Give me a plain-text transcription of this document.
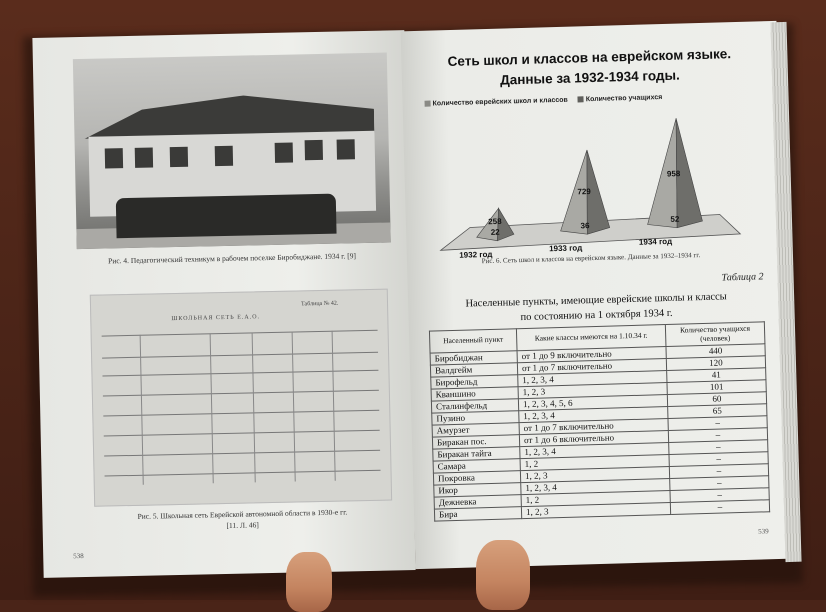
Рис. 4. Педагогический техникум в рабочем поселке Биробиджане. 1934 г. [9]
Таблица № 42.
ШКОЛЬНАЯ СЕТЬ Е.А.О.
Рис. 5. Школьная сеть Еврейской автономной области в 1930-е гг.
[11. Л. 46]
538
Сеть школ и классов на еврейском языке.
Данные за 1932-1934 годы.
Количество еврейских школ и классов	Количество учащихся
258
22
1932 год
729
36
1933 год
958
52
1934 год
Рис. 6. Сеть школ и классов на еврейском языке. Данные за 1932–1934 гг.
Таблица 2
Населенные пункты, имеющие еврейские школы и классы
по состоянию на 1 октября 1934 г.
Населенный пункт	Какие классы имеются на 1.10.34 г.	Количество учащихся (человек)
Биробиджан	от 1 до 9 включительно	440
Валдгейм	от 1 до 7 включительно	120
Бирофельд	1, 2, 3, 4	41
Кваншино	1, 2, 3	101
Сталинфельд	1, 2, 3, 4, 5, 6	60
Пузино	1, 2, 3, 4	65
Амурзет	от 1 до 7 включительно	–
Биракан пос.	от 1 до 6 включительно	–
Биракан тайга	1, 2, 3, 4	–
Самара	1, 2	–
Покровка	1, 2, 3	–
Икор	1, 2, 3, 4	–
Дежневка	1, 2	–
Бира	1, 2, 3	–
539
